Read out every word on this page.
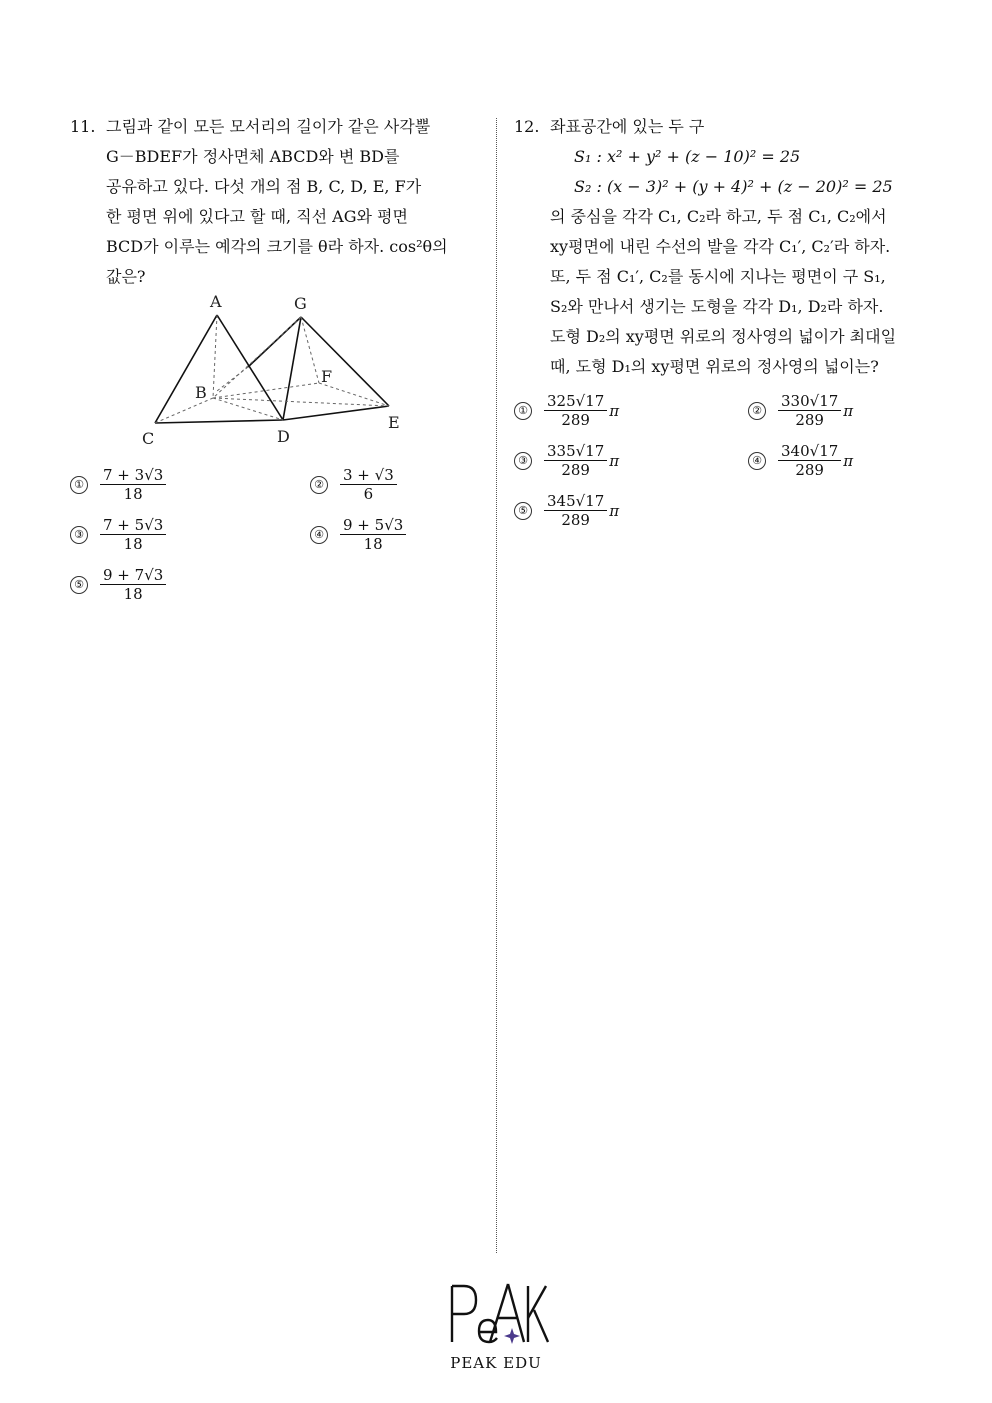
11. 그림과 같이 모든 모서리의 길이가 같은 사각뿔
G－BDEF가 정사면체 ABCD와 변 BD를
공유하고 있다. 다섯 개의 점 B, C, D, E, F가
한 평면 위에 있다고 할 때, 직선 AG와 평면
BCD가 이루는 예각의 크기를 θ라 하자. cos²θ의
값은?
A	G
B
F
C	D
E
① $\frac{7 + 3√3}{18}$	② $\frac{3 + √3}{6}$
③ $\frac{7 + 5√3}{18}$	④ $\frac{9 + 5√3}{18}$
⑤ $\frac{9 + 7√3}{18}$
12. 좌표공간에 있는 두 구
S₁ : x² + y² + (z − 10)² = 25
S₂ : (x − 3)² + (y + 4)² + (z − 20)² = 25
의 중심을 각각 C₁, C₂라 하고, 두 점 C₁, C₂에서
xy평면에 내린 수선의 발을 각각 C₁′, C₂′라 하자.
또, 두 점 C₁′, C₂를 동시에 지나는 평면이 구 S₁,
S₂와 만나서 생기는 도형을 각각 D₁, D₂라 하자.
도형 D₂의 xy평면 위로의 정사영의 넓이가 최대일
때, 도형 D₁의 xy평면 위로의 정사영의 넓이는?
① $\frac{325√17}{289}$ π	② $\frac{330√17}{289}$ π
③ $\frac{335√17}{289}$ π	④ $\frac{340√17}{289}$ π
⑤ $\frac{345√17}{289}$ π
PEAK EDU
